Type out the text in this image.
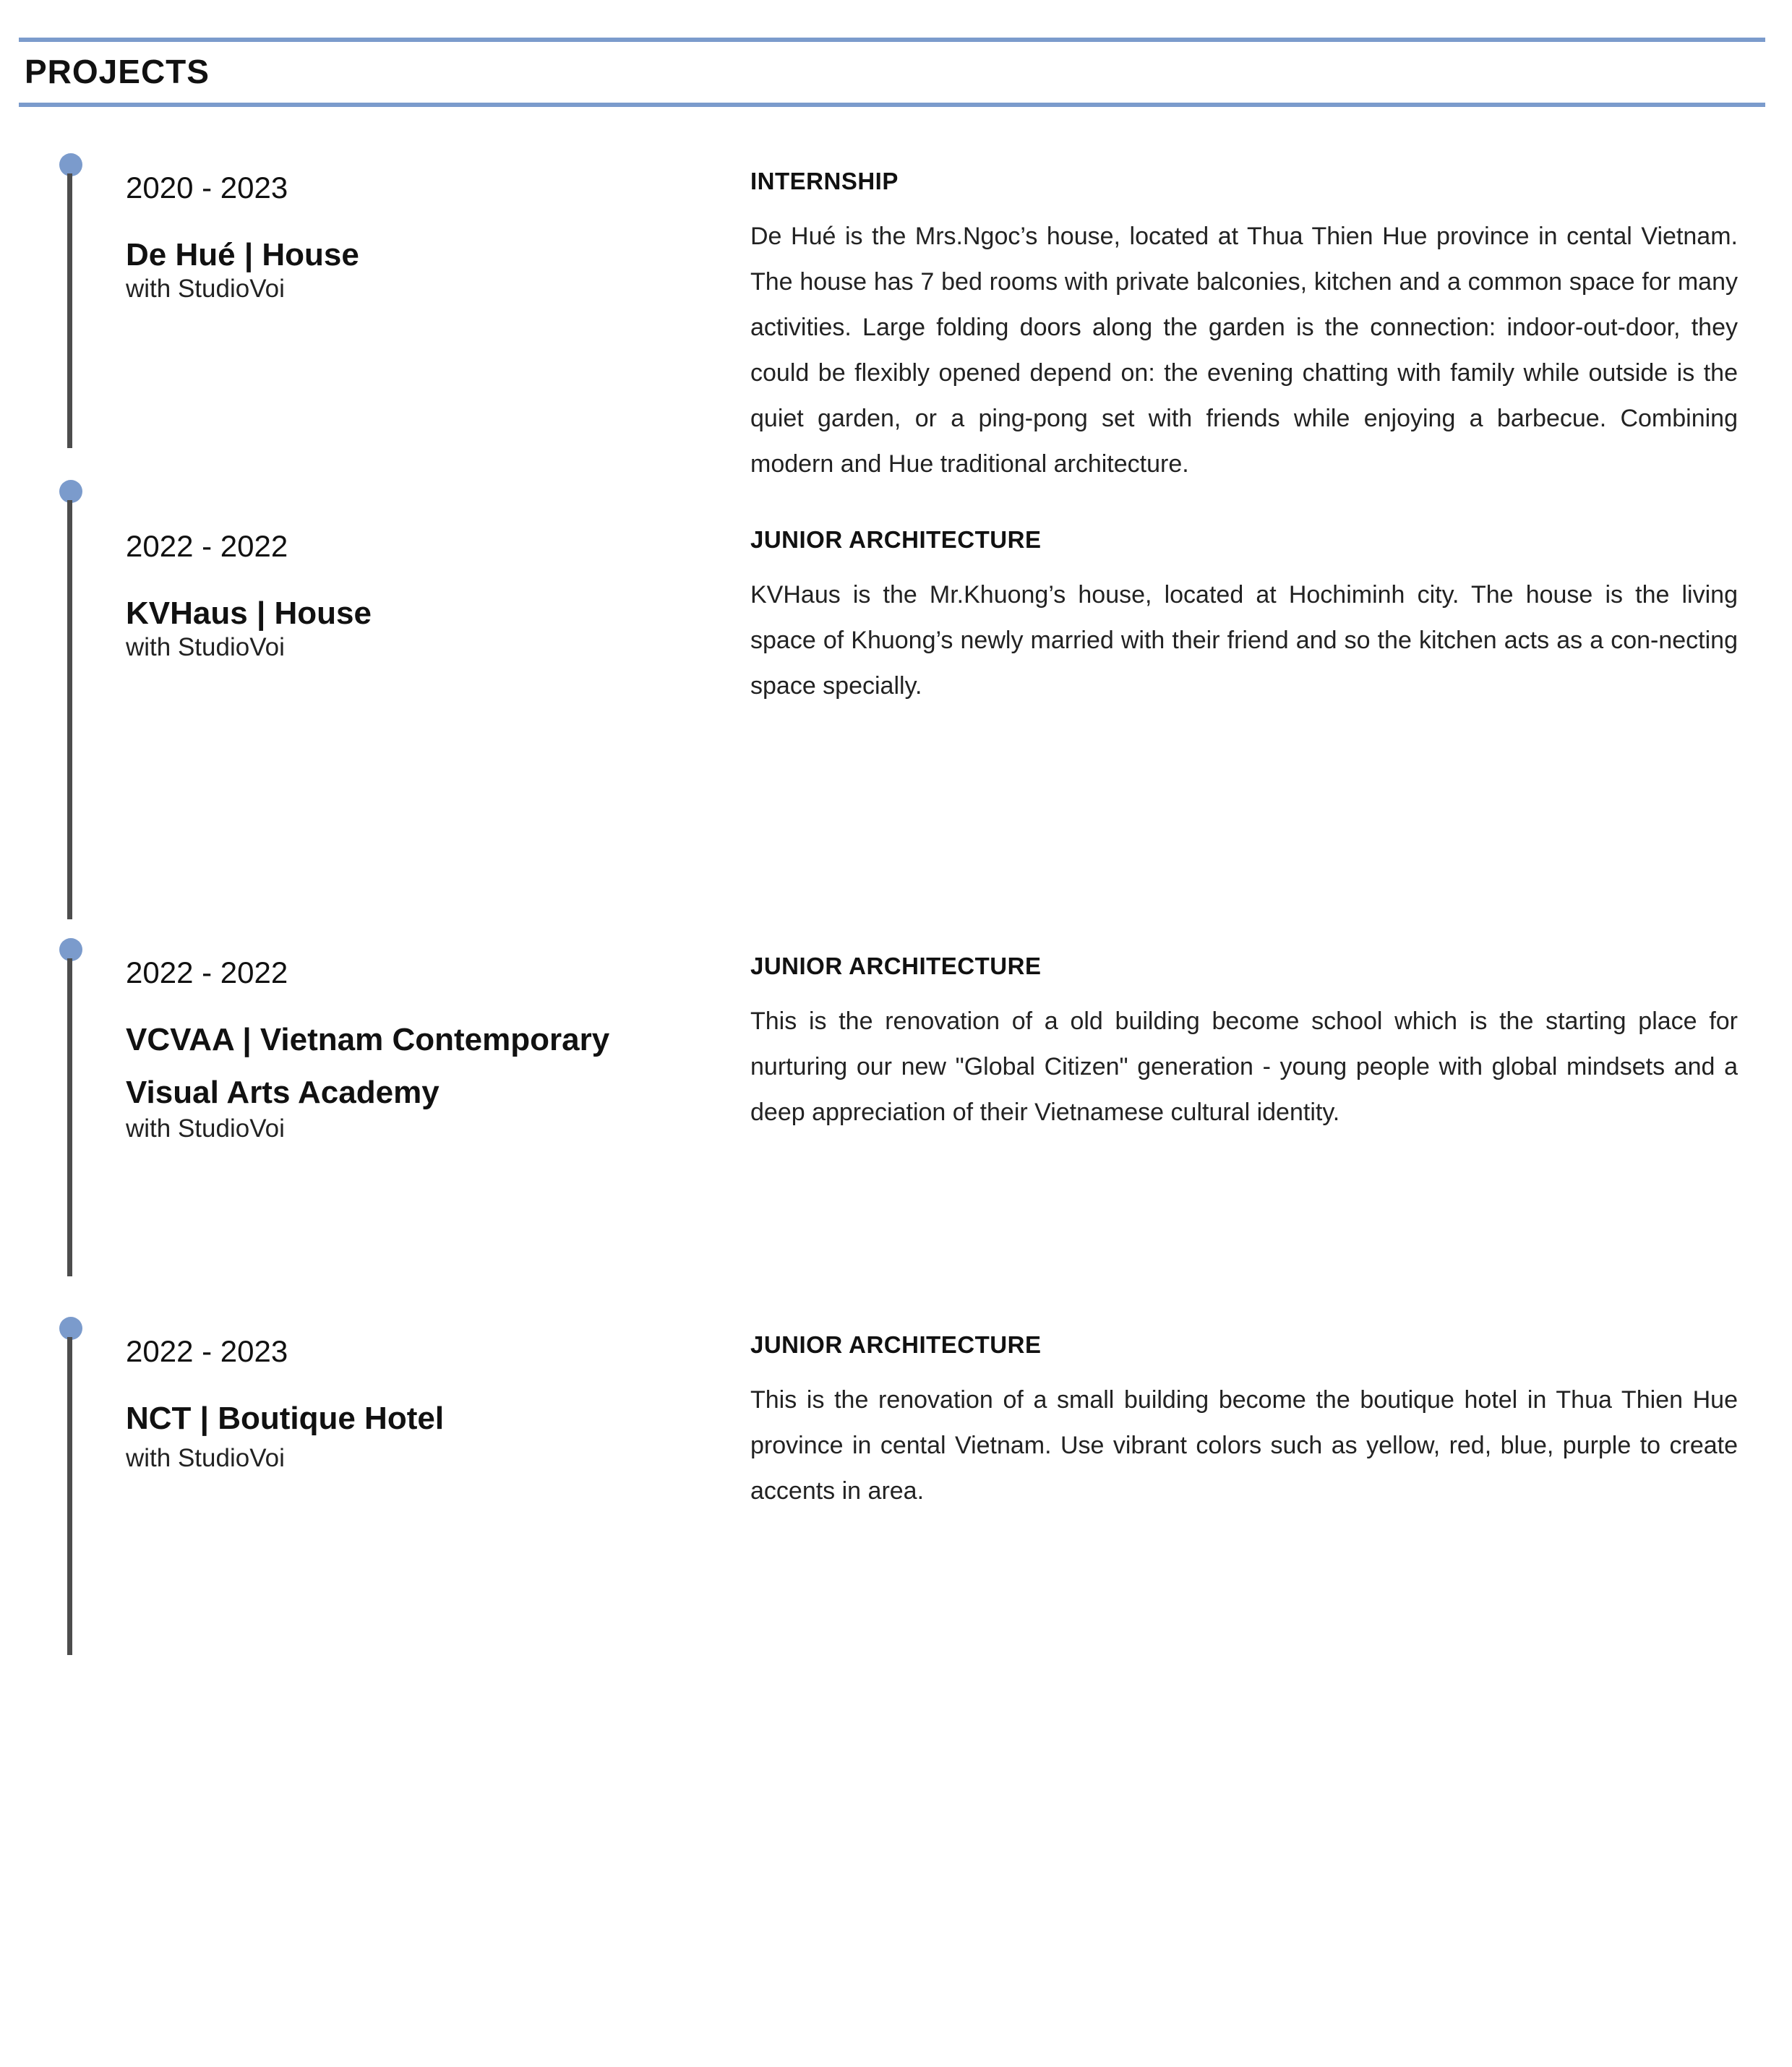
PROJECTS
2020 - 2023
De Hué | House
with StudioVoi
INTERNSHIP

De Hué is the Mrs.Ngoc’s house, located at Thua Thien Hue province in cental Vietnam. The house has 7 bed rooms with private balconies, kitchen and a common space for many activities. Large folding doors along the garden is the connection: indoor-out-door, they could be flexibly opened depend on: the evening chatting with family while outside is the quiet garden, or a ping-pong set with friends while enjoying a barbecue. Combining modern and Hue traditional architecture.

2022 - 2022
KVHaus | House
with StudioVoi
JUNIOR ARCHITECTURE

KVHaus is the Mr.Khuong’s house, located at Hochiminh city. The house is the living space of Khuong’s newly married with their friend and so the kitchen acts as a con-necting space specially.

2022 - 2022
VCVAA | Vietnam Contemporary Visual Arts Academy
with StudioVoi
JUNIOR ARCHITECTURE

This is the renovation of a old building become school which is the starting place for nurturing our new "Global Citizen" generation - young people with global mindsets and a deep appreciation of their Vietnamese cultural identity.

2022 - 2023
NCT | Boutique Hotel
with StudioVoi
JUNIOR ARCHITECTURE

This is the renovation of a small building become the boutique hotel in Thua Thien Hue province in cental Vietnam. Use vibrant colors such as yellow, red, blue, purple to create accents in area.
